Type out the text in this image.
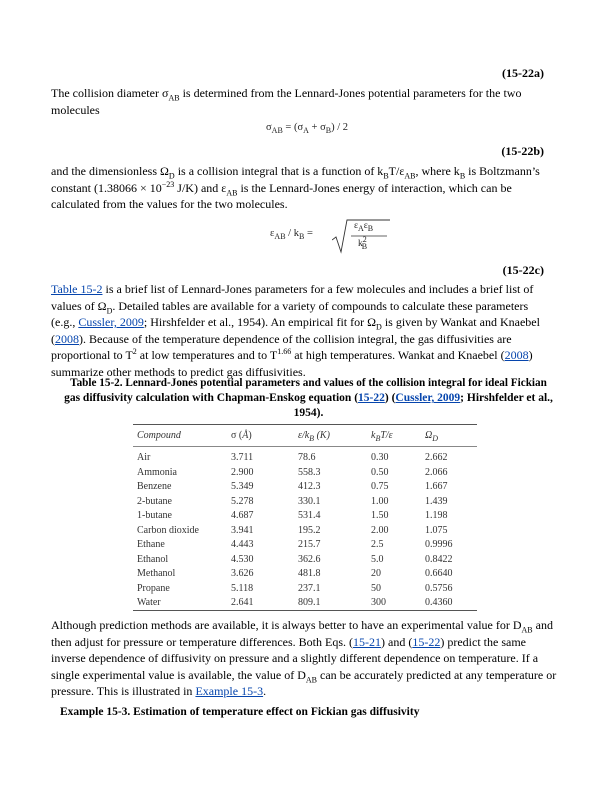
(15-22a)
The collision diameter $\sigma_{AB}$ is determined from the Lennard-Jones potential parameters for the two
molecules
$\sigma_{AB} = (\sigma_A + \sigma_B) / 2$
(15-22b)
and the dimensionless $\Omega_D$ is a collision integral that is a function of $k_BT/\varepsilon_{AB}$, where $k_B$ is Boltzmann’s
constant ($1.38066 \times 10^{-23}$ J/K) and $\varepsilon_{AB}$ is the Lennard-Jones energy of interaction, which can be
calculated from the values for the two molecules.
$\varepsilon_{AB} / k_B$ =
$\varepsilon_A\varepsilon_B$
$k^2_B$
(15-22c)
Table 15-2 is a brief list of Lennard-Jones parameters for a few molecules and includes a brief list of
values of $\Omega_D$. Detailed tables are available for a variety of compounds to calculate these parameters
(e.g., Cussler, 2009; Hirshfelder et al., 1954). An empirical fit for $\Omega_D$ is given by Wankat and Knaebel
(2008). Because of the temperature dependence of the collision integral, the gas diffusivities are
proportional to $T^2$ at low temperatures and to $T^{1.66}$ at high temperatures. Wankat and Knaebel (2008)
summarize other methods to predict gas diffusivities.
Table 15-2. Lennard-Jones potential parameters and values of the collision integral for ideal Fickian
gas diffusivity calculation with Chapman-Enskog equation (15-22) (Cussler, 2009; Hirshfelder et al.,
1954).
Compound	σ (Å)	$\varepsilon/k_B$ (K)	$k_BT/\varepsilon$	$\Omega_D$
Air	3.711	78.6	0.30	2.662
Ammonia	2.900	558.3	0.50	2.066
Benzene	5.349	412.3	0.75	1.667
2-butane	5.278	330.1	1.00	1.439
1-butane	4.687	531.4	1.50	1.198
Carbon dioxide	3.941	195.2	2.00	1.075
Ethane	4.443	215.7	2.5	0.9996
Ethanol	4.530	362.6	5.0	0.8422
Methanol	3.626	481.8	20	0.6640
Propane	5.118	237.1	50	0.5756
Water	2.641	809.1	300	0.4360
Although prediction methods are available, it is always better to have an experimental value for $D_{AB}$ and
then adjust for pressure or temperature differences. Both Eqs. (15-21) and (15-22) predict the same
inverse dependence of diffusivity on pressure and a slightly different dependence on temperature. If a
single experimental value is available, the value of $D_{AB}$ can be accurately predicted at any temperature or
pressure. This is illustrated in Example 15-3.
Example 15-3. Estimation of temperature effect on Fickian gas diffusivity
